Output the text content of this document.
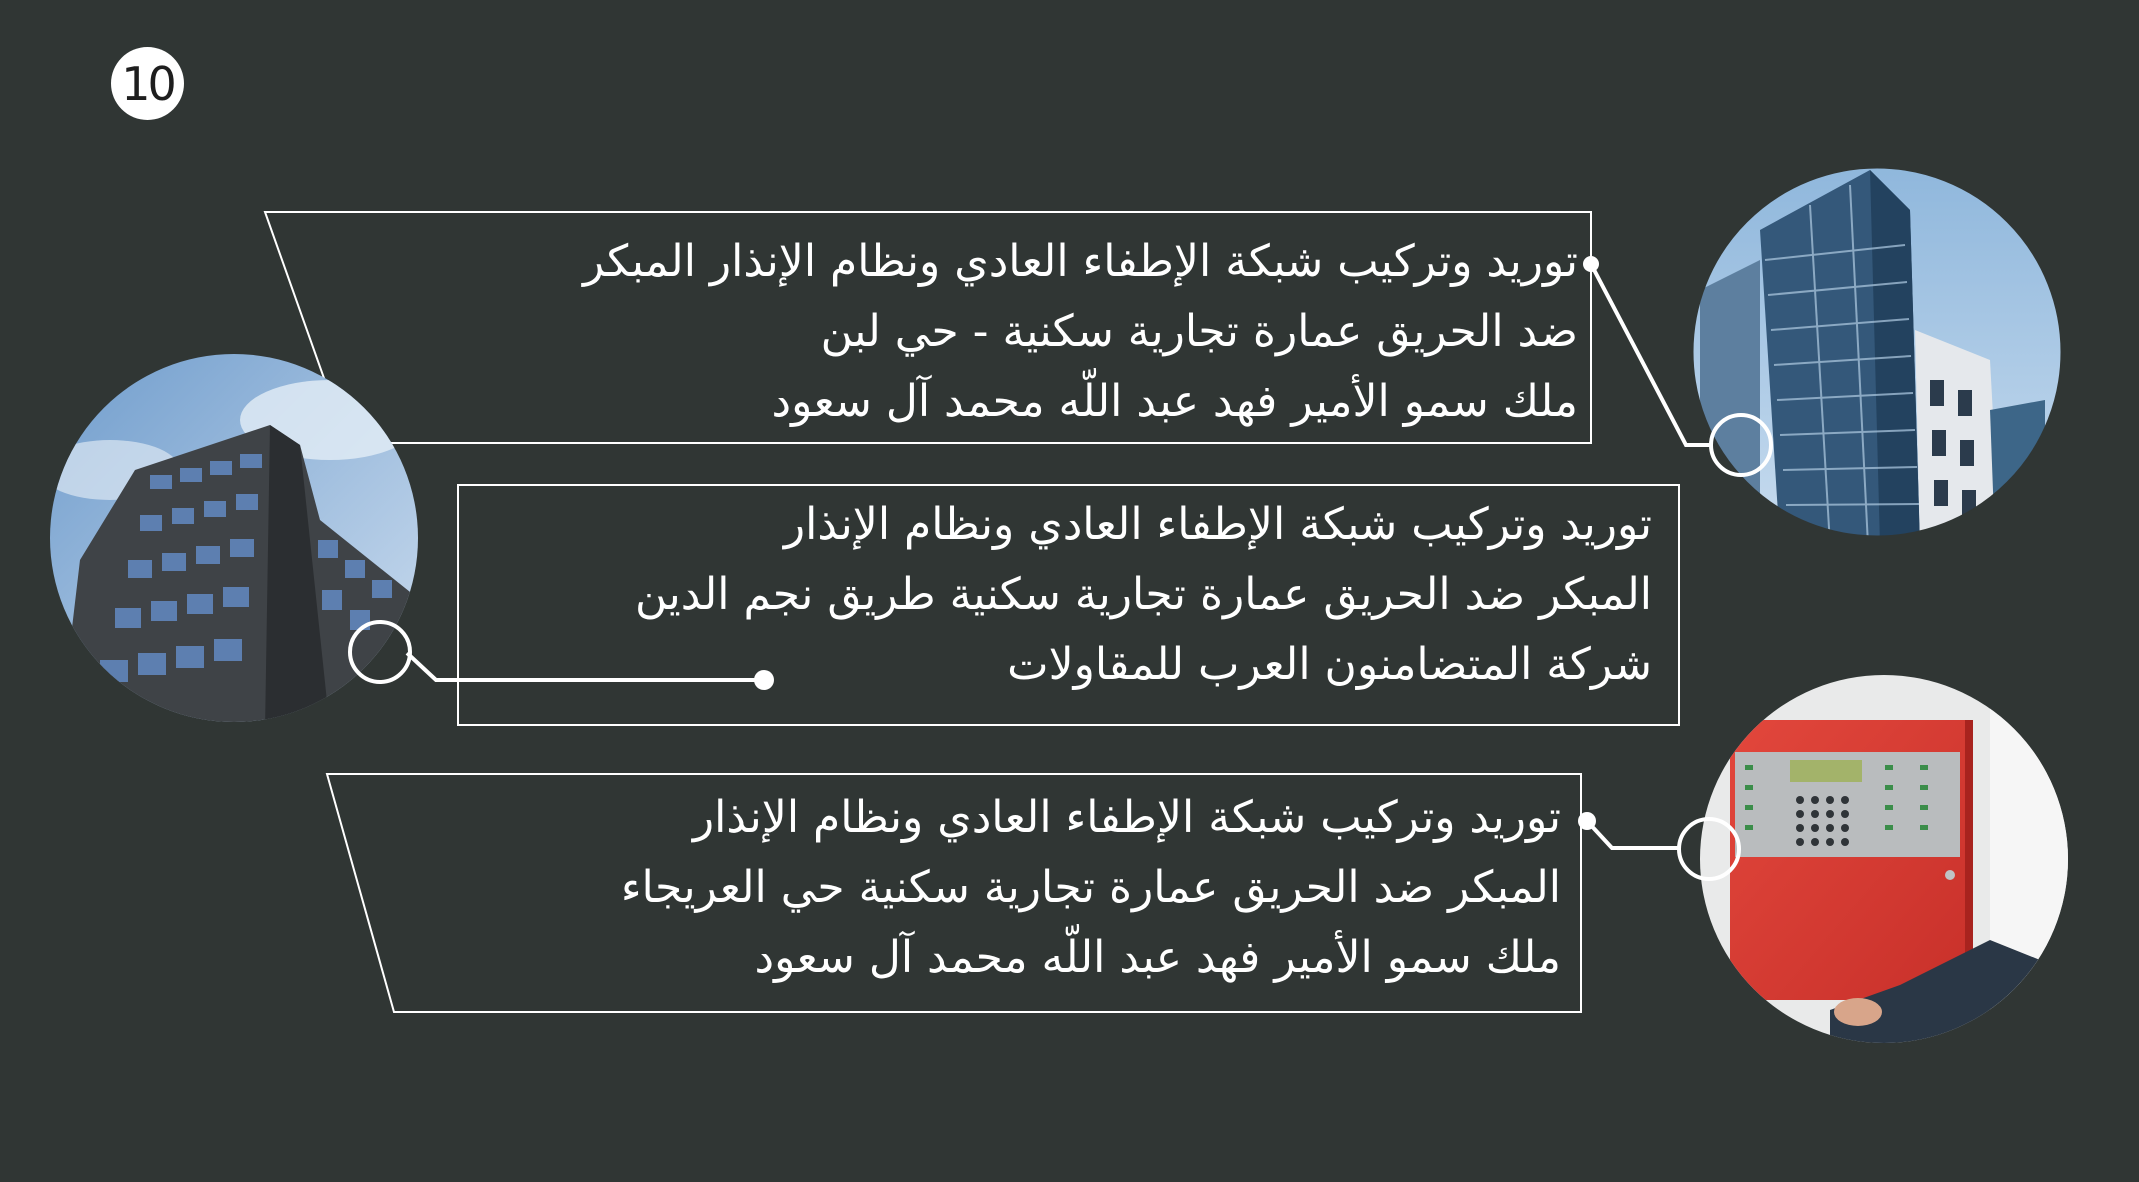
10
توريد وتركيب شبكة الإطفاء العادي ونظام الإنذار المبكر
ضد الحريق عمارة تجارية سكنية - حي لبن
ملك سمو الأمير فهد عبد اللّه محمد آل سعود
توريد وتركيب شبكة الإطفاء العادي ونظام الإنذار
المبكر ضد الحريق عمارة تجارية سكنية طريق نجم الدين
شركة المتضامنون العرب للمقاولات
توريد وتركيب شبكة الإطفاء العادي ونظام الإنذار
المبكر ضد الحريق عمارة تجارية سكنية حي العريجاء
ملك سمو الأمير فهد عبد اللّه محمد آل سعود
